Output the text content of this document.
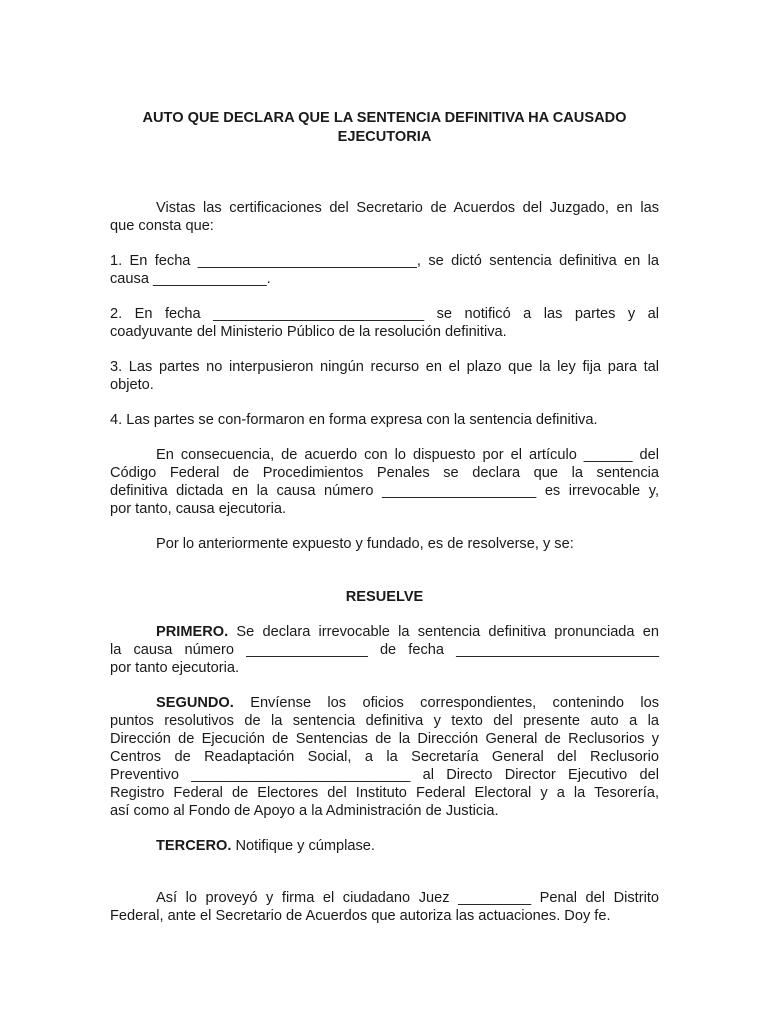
AUTO QUE DECLARA QUE LA SENTENCIA DEFINITIVA HA CAUSADO
EJECUTORIA

Vistas las certificaciones del Secretario de Acuerdos del Juzgado, en las
que consta que:
1. En fecha ___________________________, se dictó sentencia definitiva en la
causa ______________.
2. En fecha __________________________ se notificó a las partes y al
coadyuvante del Ministerio Público de la resolución definitiva.
3. Las partes no interpusieron ningún recurso en el plazo que la ley fija para tal
objeto.
4. Las partes se con-formaron en forma expresa con la sentencia definitiva.
En consecuencia, de acuerdo con lo dispuesto por el artículo ______ del
Código Federal de Procedimientos Penales se declara que la sentencia
definitiva dictada en la causa número ___________________ es irrevocable y,
por tanto, causa ejecutoria.
Por lo anteriormente expuesto y fundado, es de resolverse, y se:

RESUELVE

PRIMERO. Se declara irrevocable la sentencia definitiva pronunciada en
la causa número _______________ de fecha _________________________
por tanto ejecutoria.
SEGUNDO. Envíense los oficios correspondientes, contenindo los
puntos resolutivos de la sentencia definitiva y texto del presente auto a la
Dirección de Ejecución de Sentencias de la Dirección General de Reclusorios y
Centros de Readaptación Social, a la Secretaría General del Reclusorio
Preventivo ___________________________ al Directo Director Ejecutivo del
Registro Federal de Electores del Instituto Federal Electoral y a la Tesorería,
así como al Fondo de Apoyo a la Administración de Justicia.
TERCERO. Notifique y cúmplase.
Así lo proveyó y firma el ciudadano Juez _________ Penal del Distrito
Federal, ante el Secretario de Acuerdos que autoriza las actuaciones. Doy fe.
